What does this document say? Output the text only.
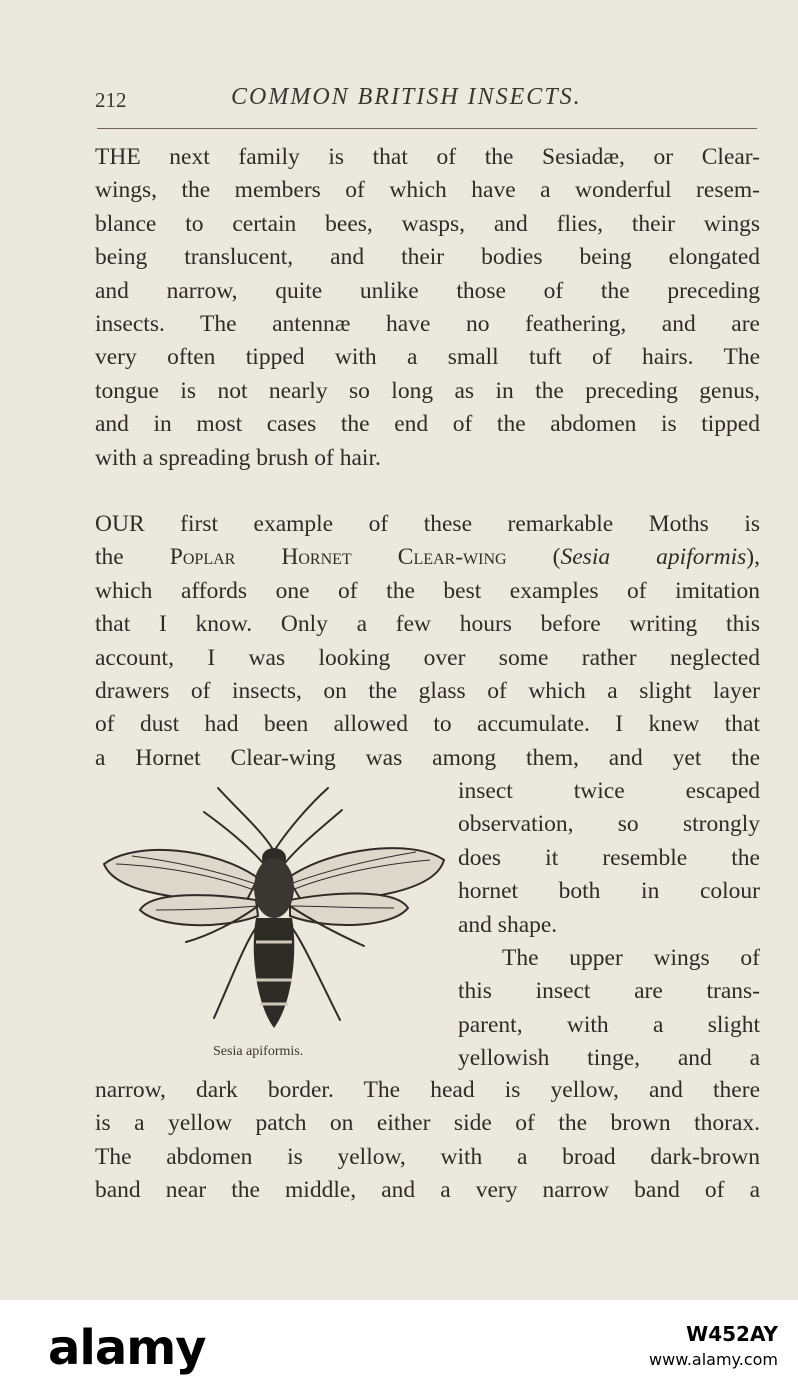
212	COMMON BRITISH INSECTS.

THE next family is that of the Sesiadæ, or Clear-
wings, the members of which have a wonderful resem-
blance to certain bees, wasps, and flies, their wings
being translucent, and their bodies being elongated
and narrow, quite unlike those of the preceding
insects. The antennæ have no feathering, and are
very often tipped with a small tuft of hairs. The
tongue is not nearly so long as in the preceding genus,
and in most cases the end of the abdomen is tipped
with a spreading brush of hair.

OUR first example of these remarkable Moths is
the Poplar Hornet Clear-wing (Sesia apiformis),
which affords one of the best examples of imitation
that I know. Only a few hours before writing this
account, I was looking over some rather neglected
drawers of insects, on the glass of which a slight layer
of dust had been allowed to accumulate. I knew that
a Hornet Clear-wing was among them, and yet the

Sesia apiformis.

insect twice escaped
observation, so strongly
does it resemble the
hornet both in colour
and shape.
The upper wings of
this insect are trans-
parent, with a slight
yellowish tinge, and a

narrow, dark border. The head is yellow, and there
is a yellow patch on either side of the brown thorax.
The abdomen is yellow, with a broad dark-brown
band near the middle, and a very narrow band of a

alamy	W452AY
www.alamy.com
